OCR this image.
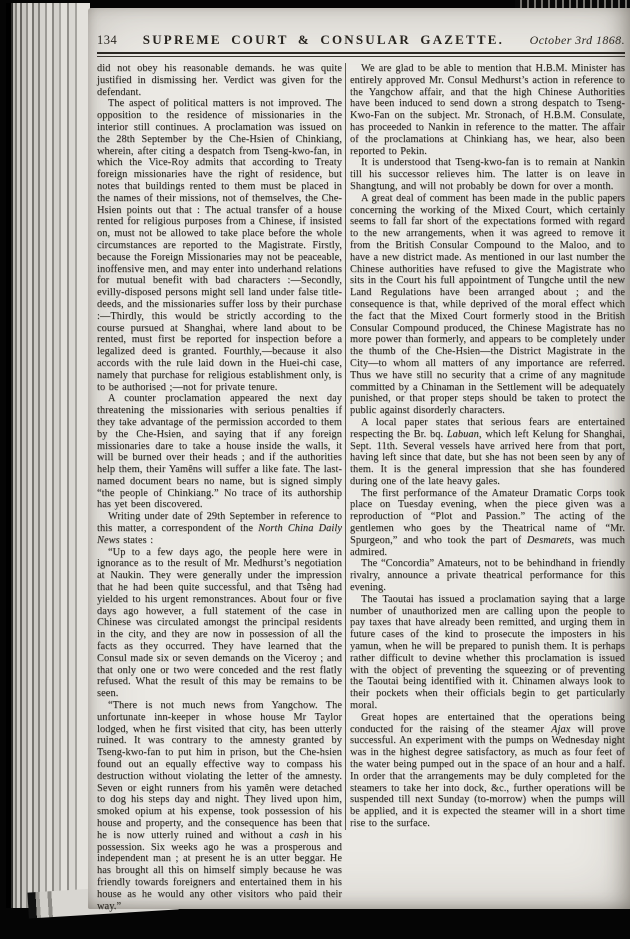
134	SUPREME COURT & CONSULAR GAZETTE.	October 3rd 1868.

did not obey his reasonable demands. he was quite justified in dismissing her. Verdict was given for the defendant.

The aspect of political matters is not improved. The opposition to the residence of missionaries in the interior still continues. A proclamation was issued on the 28th September by the Che-Hsien of Chinkiang, wherein, after citing a despatch from Tseng-kwo-fan, in which the Vice-Roy admits that according to Treaty foreign missionaries have the right of residence, but notes that buildings rented to them must be placed in the names of their missions, not of themselves, the Che-Hsien points out that : The actual transfer of a house rented for religious purposes from a Chinese, if insisted on, must not be allowed to take place before the whole circumstances are reported to the Magistrate. Firstly, because the Foreign Missionaries may not be peaceable, inoffensive men, and may enter into underhand relations for mutual benefit with bad characters :—Secondly, evilly-disposed persons might sell land under false title-deeds, and the missionaries suffer loss by their purchase :—Thirdly, this would be strictly according to the course pursued at Shanghai, where land about to be rented, must first be reported for inspection before a legalized deed is granted. Fourthly,—because it also accords with the rule laid down in the Huei-chi case, namely that purchase for religious establishment only, is to be authorised ;—not for private tenure.

A counter proclamation appeared the next day threatening the missionaries with serious penalties if they take advantage of the permission accorded to them by the Che-Hsien, and saying that if any foreign missionaries dare to take a house inside the walls, it will be burned over their heads ; and if the authorities help them, their Yamêns will suffer a like fate. The last-named document bears no name, but is signed simply “the people of Chinkiang.” No trace of its authorship has yet been discovered.

Writing under date of 29th September in reference to this matter, a correspondent of the North China Daily News states :

“Up to a few days ago, the people here were in ignorance as to the result of Mr. Medhurst’s negotiation at Naukin. They were generally under the impression that he had been quite successful, and that Tsêng had yielded to his urgent remonstrances. About four or five days ago however, a full statement of the case in Chinese was circulated amongst the principal residents in the city, and they are now in possession of all the facts as they occurred. They have learned that the Consul made six or seven demands on the Viceroy ; and that only one or two were conceded and the rest flatly refused. What the result of this may be remains to be seen.

“There is not much news from Yangchow. The unfortunate inn-keeper in whose house Mr Taylor lodged, when he first visited that city, has been utterly ruined. It was contrary to the amnesty granted by Tseng-kwo-fan to put him in prison, but the Che-hsien found out an equally effective way to compass his destruction without violating the letter of the amnesty. Seven or eight runners from his yamên were detached to dog his steps day and night. They lived upon him, smoked opium at his expense, took possession of his house and property, and the consequence has been that he is now utterly ruined and without a cash in his possession. Six weeks ago he was a prosperous and independent man ; at present he is an utter beggar. He has brought all this on himself simply because he was friendly towards foreigners and entertained them in his house as he would any other visitors who paid their way.”

We are glad to be able to mention that H.B.M. Minister has entirely approved Mr. Consul Medhurst’s action in reference to the Yangchow affair, and that the high Chinese Authorities have been induced to send down a strong despatch to Tseng-Kwo-Fan on the subject. Mr. Stronach, of H.B.M. Consulate, has proceeded to Nankin in reference to the matter. The affair of the proclamations at Chinkiang has, we hear, also been reported to Pekin.

It is understood that Tseng-kwo-fan is to remain at Nankin till his successor relieves him. The latter is on leave in Shangtung, and will not probably be down for over a month.

A great deal of comment has been made in the public papers concerning the working of the Mixed Court, which certainly seems to fall far short of the expectations formed with regard to the new arrangements, when it was agreed to remove it from the British Consular Compound to the Maloo, and to have a new district made. As mentioned in our last number the Chinese authorities have refused to give the Magistrate who sits in the Court his full appointment of Tungche until the new Land Regulations have been arranged about ; and the consequence is that, while deprived of the moral effect which the fact that the Mixed Court formerly stood in the British Consular Compound produced, the Chinese Magistrate has no more power than formerly, and appears to be completely under the thumb of the Che-Hsien—the District Magistrate in the City—to whom all matters of any importance are referred. Thus we have still no security that a crime of any magnitude committed by a Chinaman in the Settlement will be adequately punished, or that proper steps should be taken to protect the public against disorderly characters.

A local paper states that serious fears are entertained respecting the Br. bq. Labuan, which left Kelung for Shanghai, Sept. 11th. Several vessels have arrived here from that port, having left since that date, but she has not been seen by any of them. It is the general impression that she has foundered during one of the late heavy gales.

The first performance of the Amateur Dramatic Corps took place on Tuesday evening, when the piece given was a reproduction of “Plot and Passion.” The acting of the gentlemen who goes by the Theatrical name of “Mr. Spurgeon,” and who took the part of Desmarets, was much admired.

The “Concordia” Amateurs, not to be behindhand in friendly rivalry, announce a private theatrical performance for this evening.

The Taoutai has issued a proclamation saying that a large number of unauthorized men are calling upon the people to pay taxes that have already been remitted, and urging them in future cases of the kind to prosecute the imposters in his yamun, when he will be prepared to punish them. It is perhaps rather difficult to devine whether this proclamation is issued with the object of preventing the squeezing or of preventing the Taoutai being identified with it. Chinamen always look to their pockets when their officials begin to get particularly moral.

Great hopes are entertained that the operations being conducted for the raising of the steamer Ajax will prove successful. An experiment with the pumps on Wednesday night was in the highest degree satisfactory, as much as four feet of the water being pumped out in the space of an hour and a half. In order that the arrangements may be duly completed for the steamers to take her into dock, &c., further operations will be suspended till next Sunday (to-morrow) when the pumps will be applied, and it is expected the steamer will in a short time rise to the surface.
